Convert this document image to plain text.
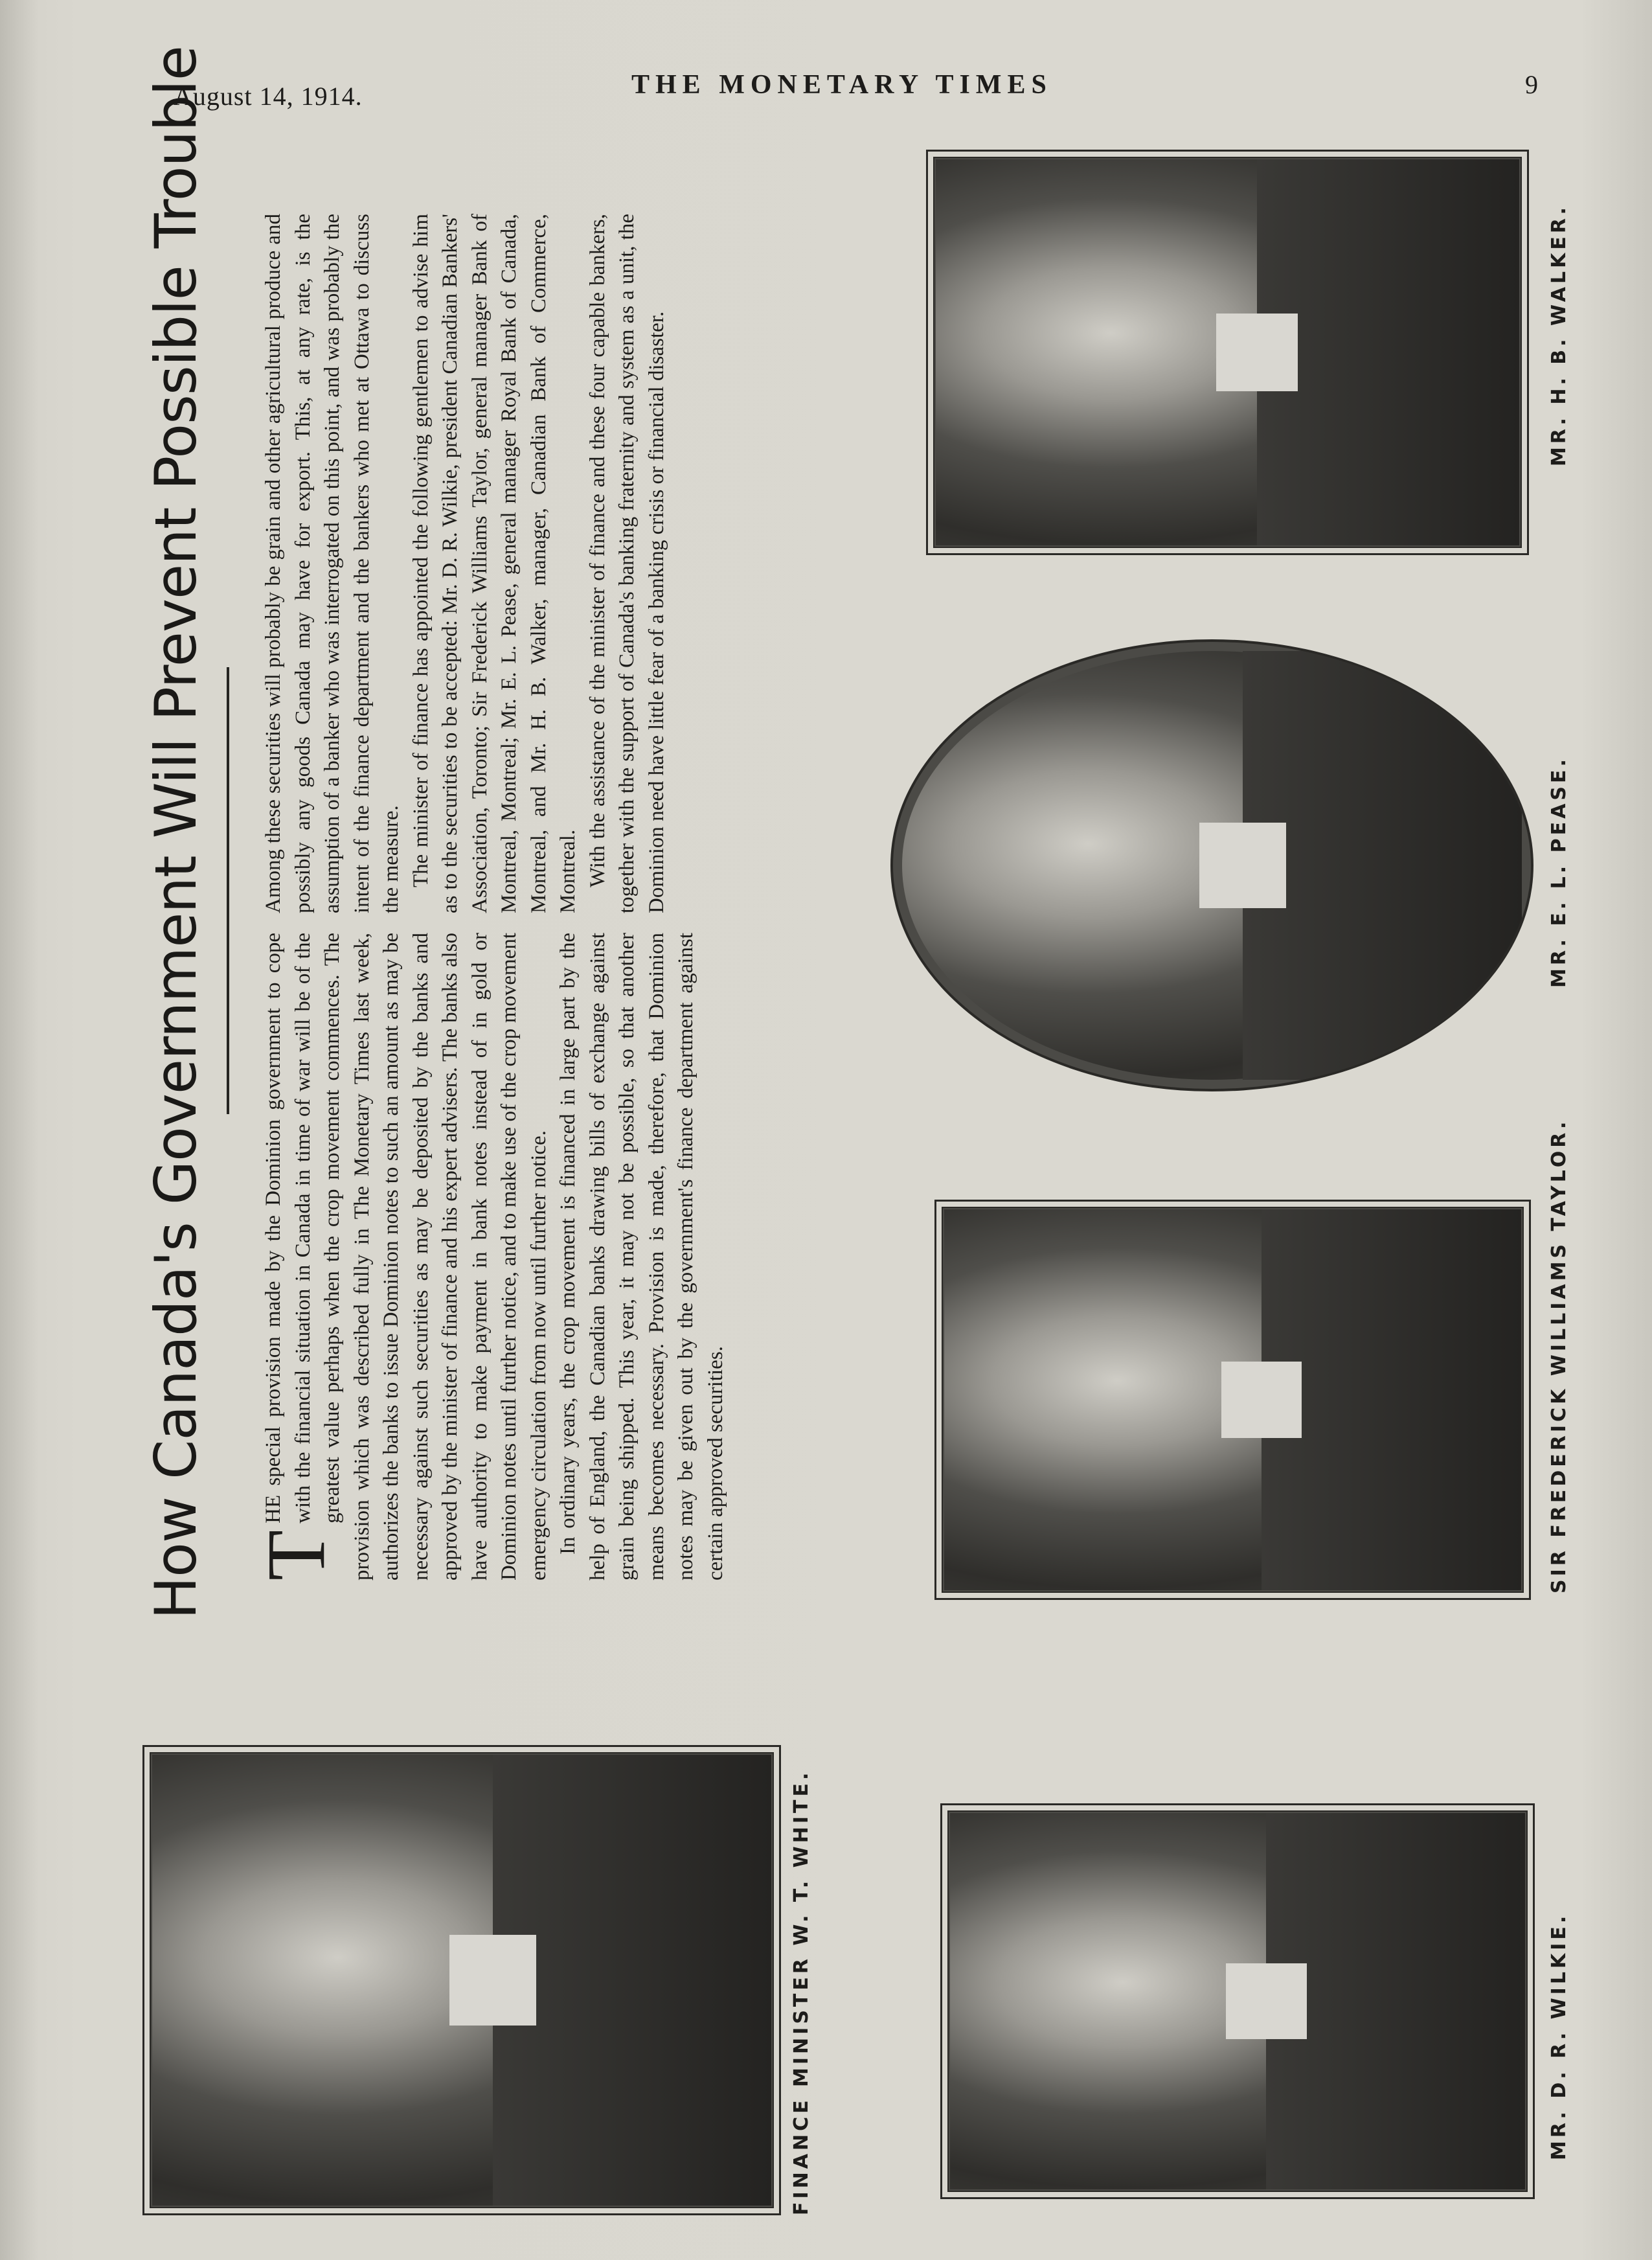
August 14, 1914.	THE MONETARY TIMES	9
How Canada's Government Will Prevent Possible Trouble T
HE special provision made by the Dominion government to cope with the financial situation in Canada in time of war will be of the greatest value perhaps when the crop movement commences. The provision which was described fully in The Monetary Times last week, authorizes the banks to issue Dominion notes to such an amount as may be necessary against such securities as may be deposited by the banks and approved by the minister of finance and his expert advisers. The banks also have authority to make payment in bank notes instead of in gold or Dominion notes until further notice, and to make use of the crop movement emergency circulation from now until further notice. In ordinary years, the crop movement is financed in large part by the help of England, the Canadian banks drawing bills of exchange against grain being shipped. This year, it may not be possible, so that another means becomes necessary. Provision is made, therefore, that Dominion notes may be given out by the government's finance department against certain approved securities.

Among these securities will probably be grain and other agricultural produce and possibly any goods Canada may have for export. This, at any rate, is the assumption of a banker who was interrogated on this point, and was probably the intent of the finance department and the bankers who met at Ottawa to discuss the measure. The minister of finance has appointed the following gentlemen to advise him as to the securities to be accepted: Mr. D. R. Wilkie, president Canadian Bankers' Association, Toronto; Sir Frederick Williams Taylor, general manager Bank of Montreal, Montreal; Mr. E. L. Pease, general manager Royal Bank of Canada, Montreal, and Mr. H. B. Walker, manager, Canadian Bank of Commerce, Montreal. With the assistance of the minister of finance and these four capable bankers, together with the support of Canada's banking fraternity and system as a unit, the Dominion need have little fear of a banking crisis or financial disaster.

FINANCE MINISTER W. T. WHITE.	MR. D. R. WILKIE.
SIR FREDERICK WILLIAMS TAYLOR.
MR. E. L. PEASE.
MR. H. B. WALKER.
